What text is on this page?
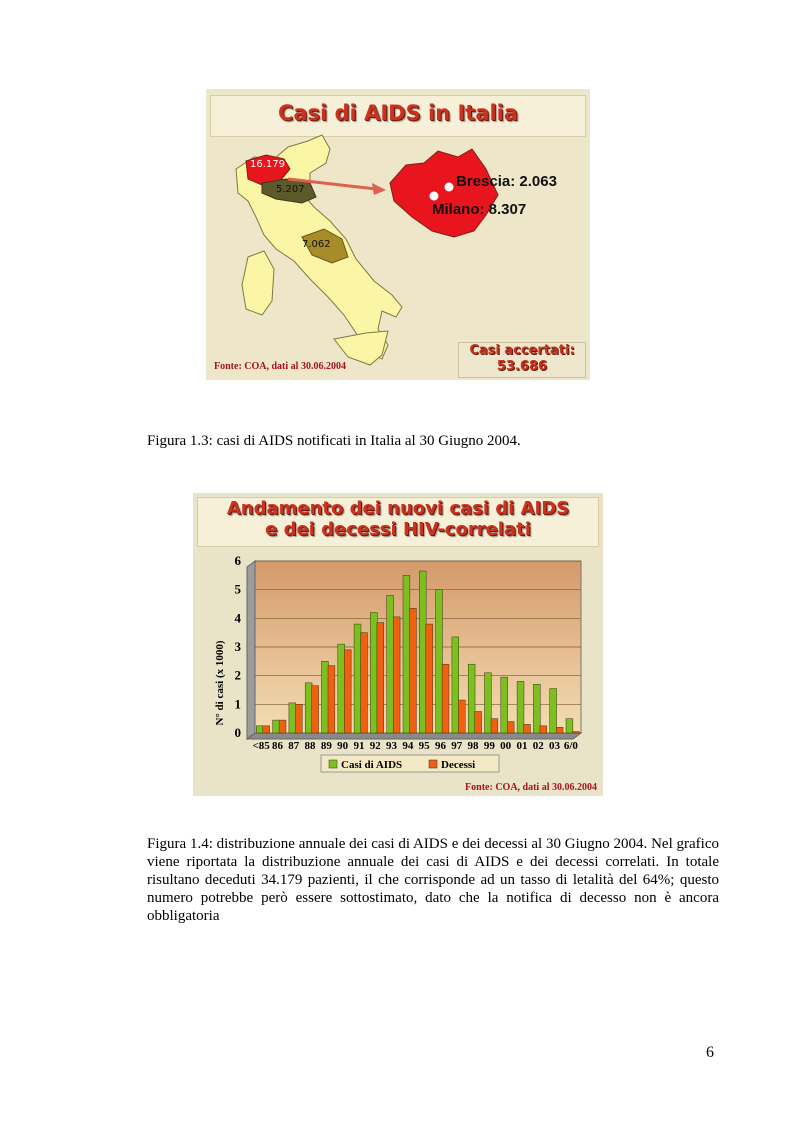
Casi di AIDS in Italia
16.179
5.207
7.062
Brescia: 2.063
Milano: 8.307
Fonte: COA, dati al 30.06.2004
Casi accertati:
53.686
Figura 1.3: casi di AIDS notificati in Italia al 30 Giugno 2004.
Andamento dei nuovi casi di AIDS
e dei decessi HIV-correlati
N° di casi (x 1000)
0
1
2
3
4
5
6
<85 86 87 88 89 90 91 92 93 94 95 96 97 98 99 00 01 02 03 6/0
Casi di AIDS	Decessi
Fonte: COA, dati al 30.06.2004
Figura 1.4: distribuzione annuale dei casi di AIDS e dei decessi al 30 Giugno 2004. Nel grafico viene riportata la distribuzione annuale dei casi di AIDS e dei decessi correlati. In totale risultano deceduti 34.179 pazienti, il che corrisponde ad un tasso di letalità del 64%; questo numero potrebbe però essere sottostimato, dato che la notifica di decesso non è ancora obbligatoria
6
